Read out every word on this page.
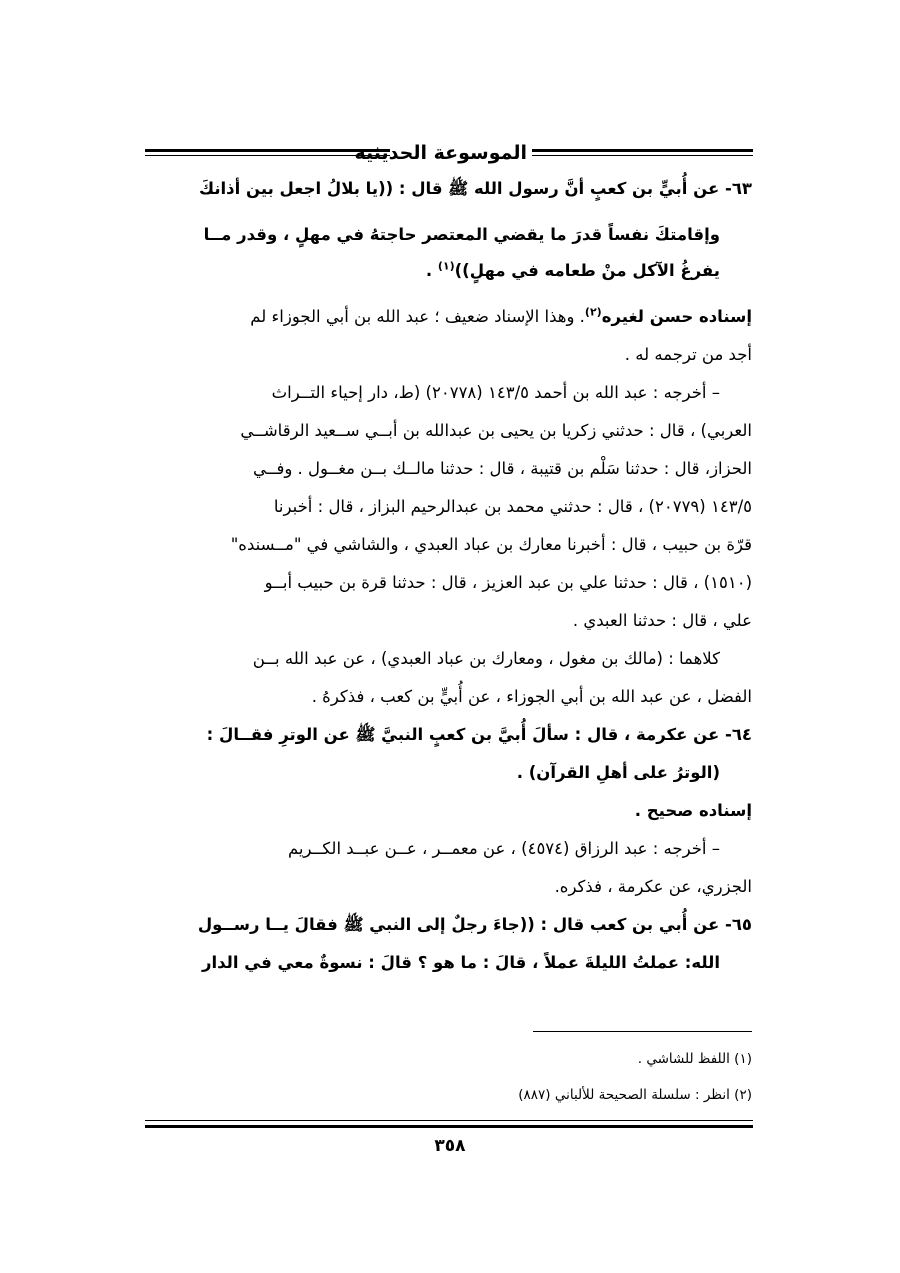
الموسوعة الحديثية
٦٣- عن أُبيٍّ بن كعبٍ أنَّ رسول الله ﷺ قال : ((يا بلالُ اجعل بين أذانكَ
وإقامتكَ نفساً قدرَ ما يقضي المعتصر حاجتهُ في مهلٍ ، وقدر مــا
يفرغُ الآكل منْ طعامه في مهلٍ))$^{(١)}$ .
إسناده حسن لغيره$^{(٢)}$. وهذا الإسناد ضعيف ؛ عبد الله بن أبي الجوزاء لم
أجد من ترجمه له .
– أخرجه : عبد الله بن أحمد ١٤٣/٥ (٢٠٧٧٨) (ط، دار إحياء التــراث
العربي) ، قال : حدثني زكريا بن يحيى بن عبدالله بن أبــي ســعيد الرقاشــي
الحزاز، قال : حدثنا سَلْم بن قتيبة ، قال : حدثنا مالــك بــن مغــول . وفــي
١٤٣/٥ (٢٠٧٧٩) ، قال : حدثني محمد بن عبدالرحيم البزاز ، قال : أخبرنا
قرّة بن حبيب ، قال : أخبرنا معارك بن عباد العبدي ، والشاشي في "مــسنده"
(١٥١٠) ، قال : حدثنا علي بن عبد العزيز ، قال : حدثنا قرة بن حبيب أبــو
علي ، قال : حدثنا العبدي .
كلاهما : (مالك بن مغول ، ومعارك بن عباد العبدي) ، عن عبد الله بــن
الفضل ، عن عبد الله بن أبي الجوزاء ، عن أُبيٍّ بن كعب ، فذكرهُ .
٦٤- عن عكرمة ، قال : سألَ أُبيَّ بن كعبٍ النبيَّ ﷺ عن الوترِ فقــالَ :
(الوترُ على أهلِ القرآن) .
إسناده صحيح .
– أخرجه : عبد الرزاق (٤٥٧٤) ، عن معمــر ، عــن عبــد الكــريم
الجزري، عن عكرمة ، فذكره.
٦٥- عن أُبي بن كعب قال : ((جاءَ رجلٌ إلى النبي ﷺ فقالَ يــا رســول
الله: عملتُ الليلةَ عملاً ، قالَ : ما هو ؟ قالَ : نسوةٌ معي في الدار
(١) اللفظ للشاشي .
(٢) انظر : سلسلة الصحيحة للألباني (٨٨٧)
٣٥٨
